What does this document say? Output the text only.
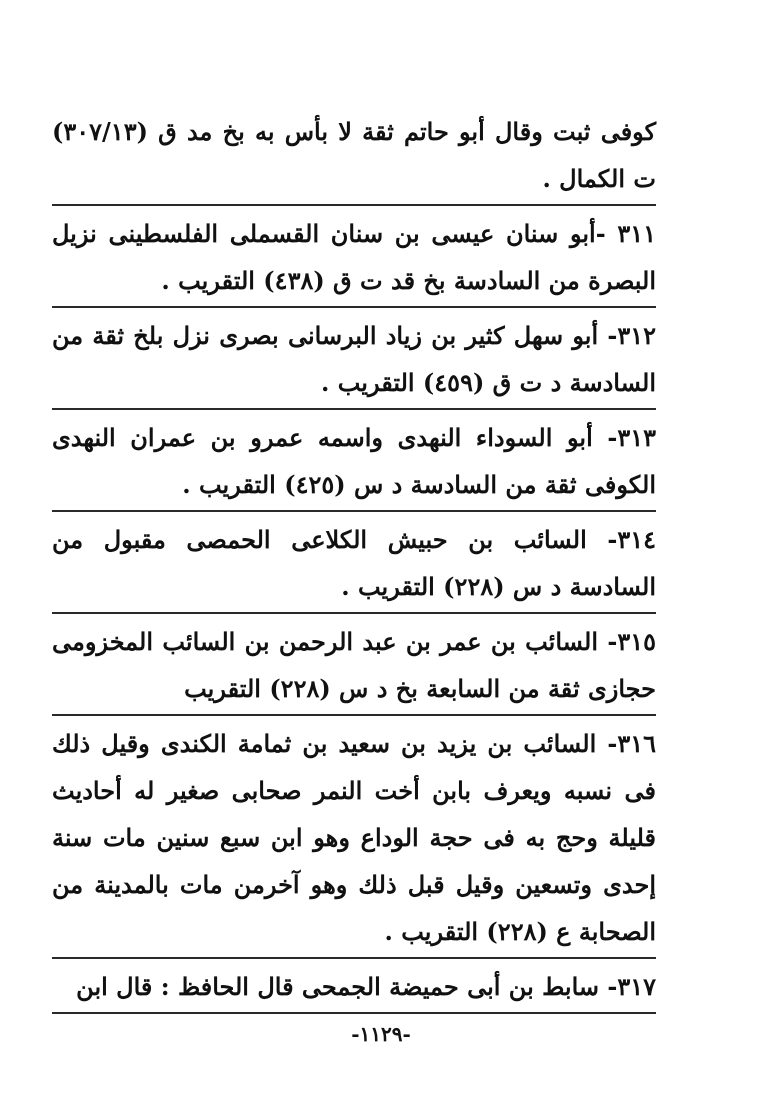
كوفى ثبت وقال أبو حاتم ثقة لا بأس به بخ مد ق (٣٠٧/١٣) ت الكمال .

٣١١ -أبو سنان عيسى بن سنان القسملى الفلسطينى نزيل البصرة من السادسة بخ قد ت ق (٤٣٨) التقريب .

٣١٢- أبو سهل كثير بن زياد البرسانى بصرى نزل بلخ ثقة من السادسة د ت ق (٤٥٩) التقريب .

٣١٣- أبو السوداء النهدى واسمه عمرو بن عمران النهدى الكوفى ثقة من السادسة د س (٤٢٥) التقريب .

٣١٤- السائب بن حبيش الكلاعى الحمصى مقبول من السادسة د س (٢٢٨) التقريب .

٣١٥- السائب بن عمر بن عبد الرحمن بن السائب المخزومى حجازى ثقة من السابعة بخ د س (٢٢٨) التقريب

٣١٦- السائب بن يزيد بن سعيد بن ثمامة الكندى وقيل ذلك فى نسبه ويعرف بابن أخت النمر صحابى صغير له أحاديث قليلة وحج به فى حجة الوداع وهو ابن سبع سنين مات سنة إحدى وتسعين وقيل قبل ذلك وهو آخرمن مات بالمدينة من الصحابة ع (٢٢٨) التقريب .

٣١٧- سابط بن أبى حميضة الجمحى قال الحافظ : قال ابن

-١١٢٩-
